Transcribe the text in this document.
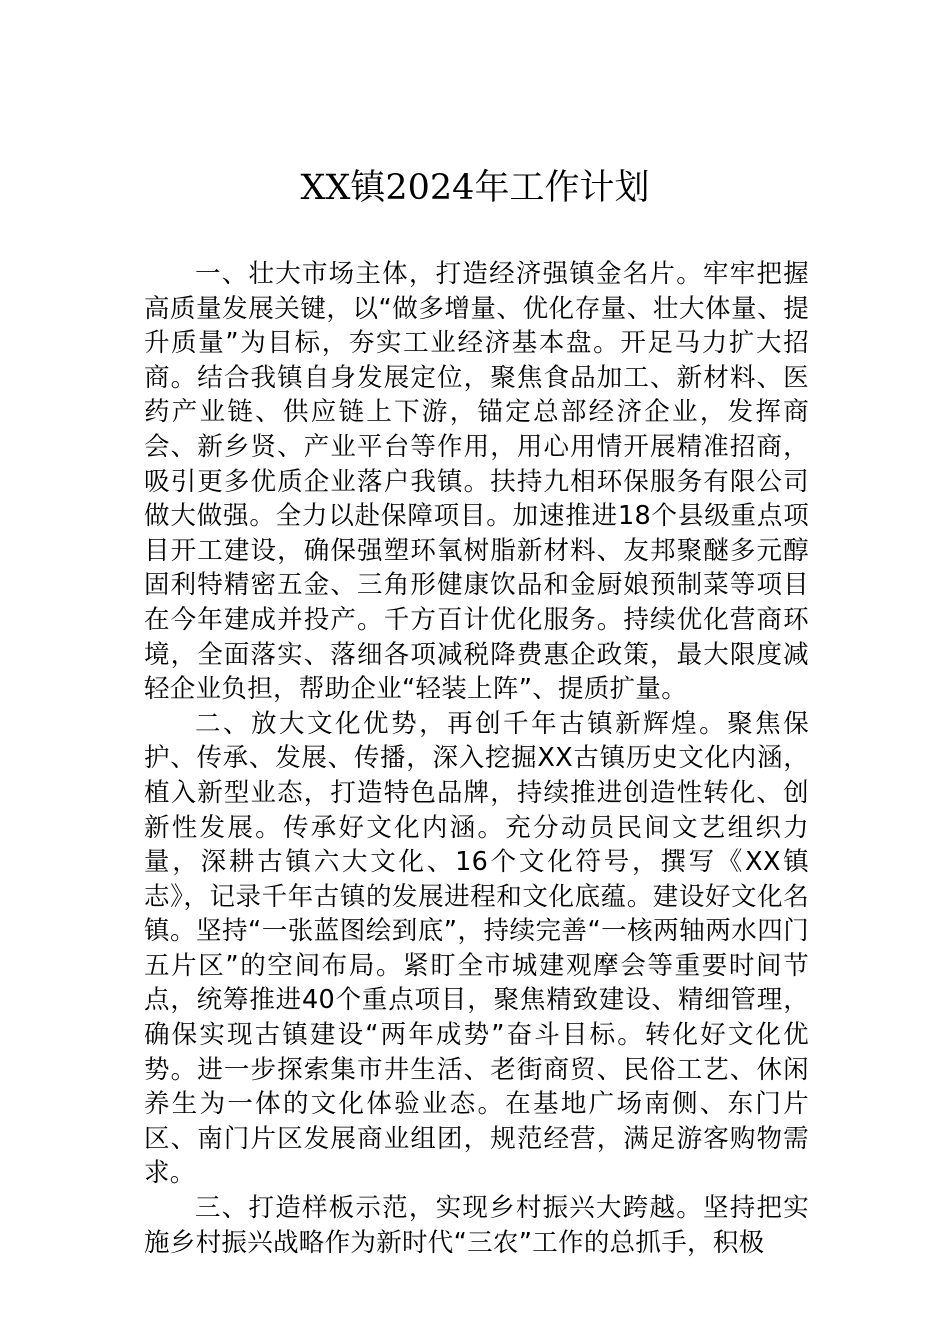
XX镇2024年工作计划

一、壮大市场主体，打造经济强镇金名片。牢牢把握高质量发展关键，以“做多增量、优化存量、壮大体量、提升质量”为目标，夯实工业经济基本盘。开足马力扩大招商。结合我镇自身发展定位，聚焦食品加工、新材料、医药产业链、供应链上下游，锚定总部经济企业，发挥商会、新乡贤、产业平台等作用，用心用情开展精准招商，吸引更多优质企业落户我镇。扶持九相环保服务有限公司做大做强。全力以赴保障项目。加速推进18个县级重点项目开工建设，确保强塑环氧树脂新材料、友邦聚醚多元醇固利特精密五金、三角形健康饮品和金厨娘预制菜等项目在今年建成并投产。千方百计优化服务。持续优化营商环境，全面落实、落细各项减税降费惠企政策，最大限度减轻企业负担，帮助企业“轻装上阵”、提质扩量。

二、放大文化优势，再创千年古镇新辉煌。聚焦保护、传承、发展、传播，深入挖掘XX古镇历史文化内涵，植入新型业态，打造特色品牌，持续推进创造性转化、创新性发展。传承好文化内涵。充分动员民间文艺组织力量，深耕古镇六大文化、16个文化符号，撰写《XX镇志》，记录千年古镇的发展进程和文化底蕴。建设好文化名镇。坚持“一张蓝图绘到底”，持续完善“一核两轴两水四门五片区”的空间布局。紧盯全市城建观摩会等重要时间节点，统筹推进40个重点项目，聚焦精致建设、精细管理，确保实现古镇建设“两年成势”奋斗目标。转化好文化优势。进一步探索集市井生活、老街商贸、民俗工艺、休闲养生为一体的文化体验业态。在基地广场南侧、东门片区、南门片区发展商业组团，规范经营，满足游客购物需求。

三、打造样板示范，实现乡村振兴大跨越。坚持把实施乡村振兴战略作为新时代“三农”工作的总抓手，积极
